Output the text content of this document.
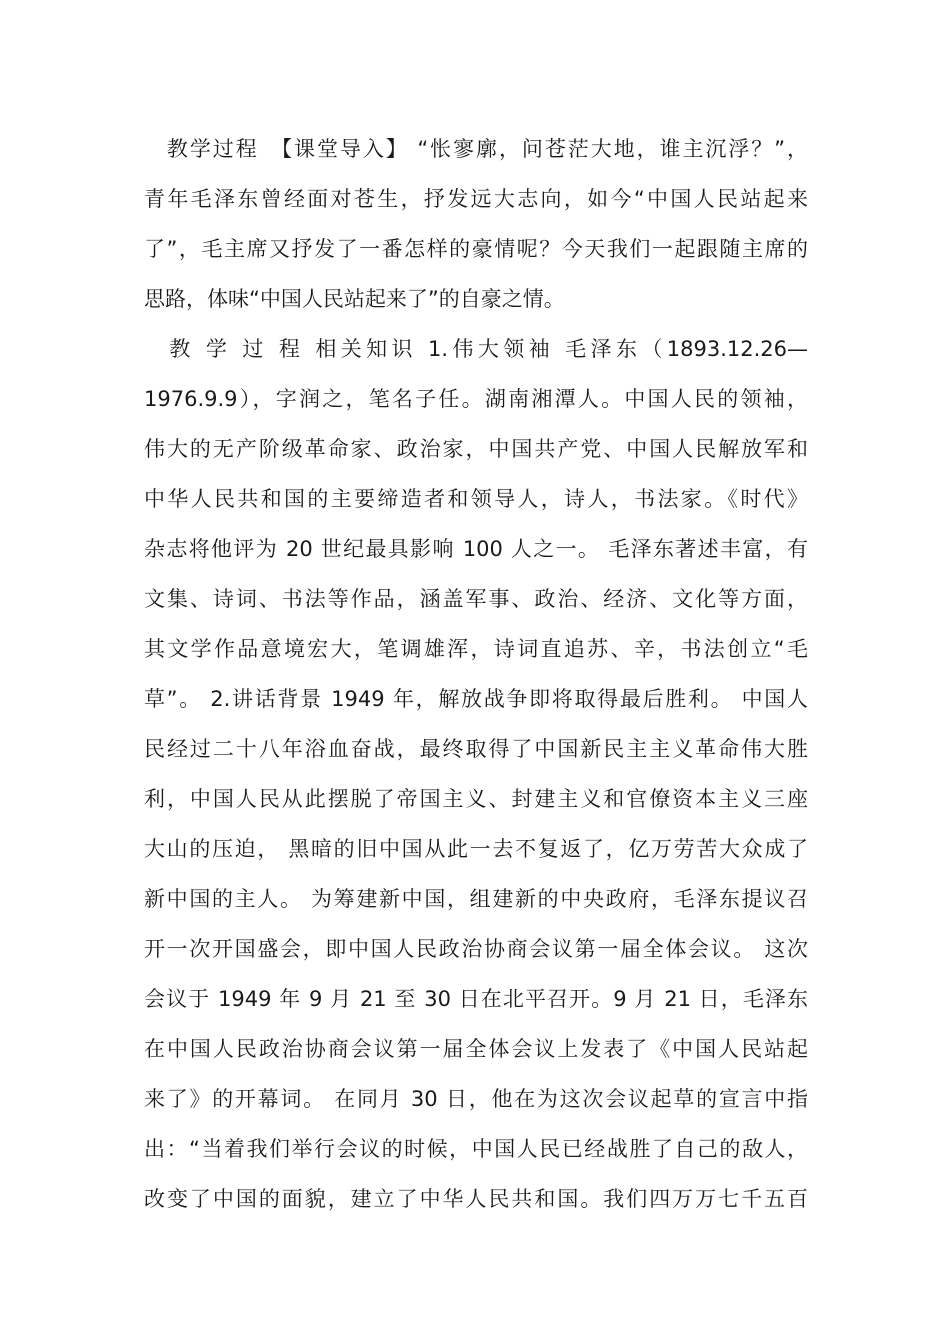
　教学过程　【课堂导入】 “怅寥廓，问苍茫大地，谁主沉浮？”，
青年毛泽东曾经面对苍生，抒发远大志向，如今“中国人民站起来
了”，毛主席又抒发了一番怎样的豪情呢？今天我们一起跟随主席的
思路，体味“中国人民站起来了”的自豪之情。
　教 学 过 程 相关知识 1.伟大领袖 毛泽东（1893.12.26—
1976.9.9），字润之，笔名子任。湖南湘潭人。中国人民的领袖，
伟大的无产阶级革命家、政治家，中国共产党、中国人民解放军和
中华人民共和国的主要缔造者和领导人，诗人，书法家。《时代》
杂志将他评为 20 世纪最具影响 100 人之一。 毛泽东著述丰富，有
文集、诗词、书法等作品，涵盖军事、政治、经济、文化等方面，
其文学作品意境宏大，笔调雄浑，诗词直追苏、辛，书法创立“毛
草”。 2.讲话背景 1949 年，解放战争即将取得最后胜利。 中国人
民经过二十八年浴血奋战，最终取得了中国新民主主义革命伟大胜
利，中国人民从此摆脱了帝国主义、封建主义和官僚资本主义三座
大山的压迫， 黑暗的旧中国从此一去不复返了，亿万劳苦大众成了
新中国的主人。 为筹建新中国，组建新的中央政府，毛泽东提议召
开一次开国盛会，即中国人民政治协商会议第一届全体会议。 这次
会议于 1949 年 9 月 21 至 30 日在北平召开。9 月 21 日，毛泽东
在中国人民政治协商会议第一届全体会议上发表了《中国人民站起
来了》的开幕词。 在同月 30 日，他在为这次会议起草的宣言中指
出：“当着我们举行会议的时候，中国人民已经战胜了自己的敌人，
改变了中国的面貌，建立了中华人民共和国。我们四万万七千五百
